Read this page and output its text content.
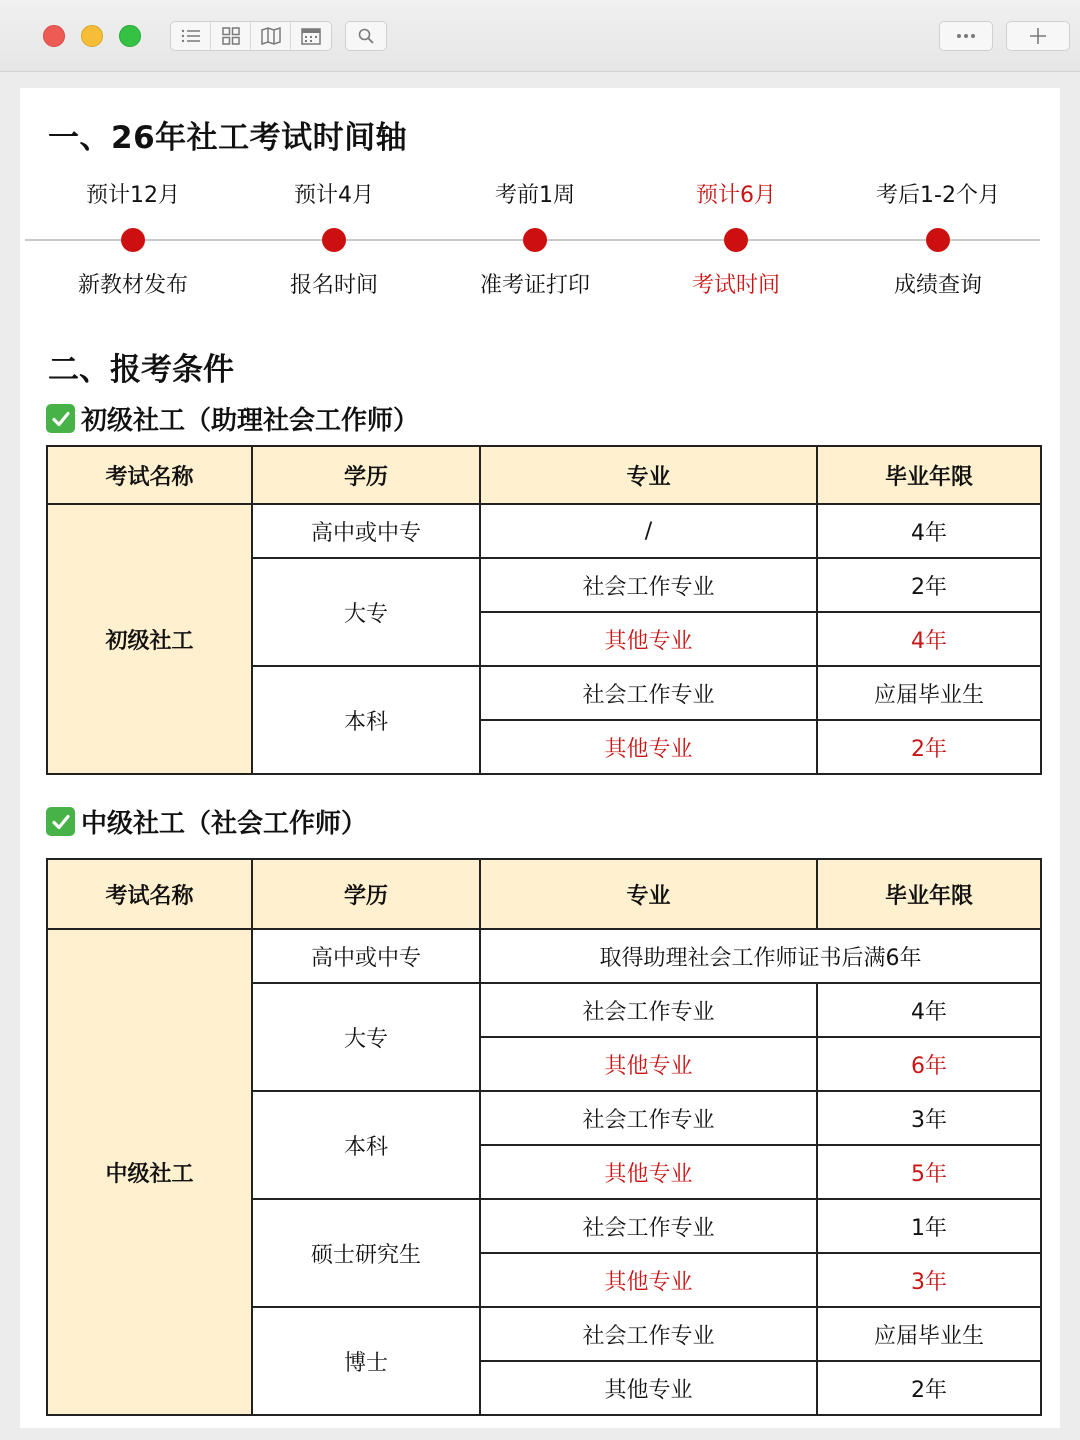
一、26年社工考试时间轴
预计12月
新教材发布
预计4月
报名时间
考前1周
准考证打印
预计6月
考试时间
考后1-2个月
成绩查询
二、报考条件
初级社工（助理社会工作师）
考试名称	学历	专业	毕业年限
初级社工	高中或中专	/	4年
	大专	社会工作专业	2年
		其他专业	4年
	本科	社会工作专业	应届毕业生
		其他专业	2年
中级社工（社会工作师）
考试名称	学历	专业	毕业年限
中级社工	高中或中专	取得助理社会工作师证书后满6年	
	大专	社会工作专业	4年
		其他专业	6年
	本科	社会工作专业	3年
		其他专业	5年
	硕士研究生	社会工作专业	1年
		其他专业	3年
	博士	社会工作专业	应届毕业生
		其他专业	2年
